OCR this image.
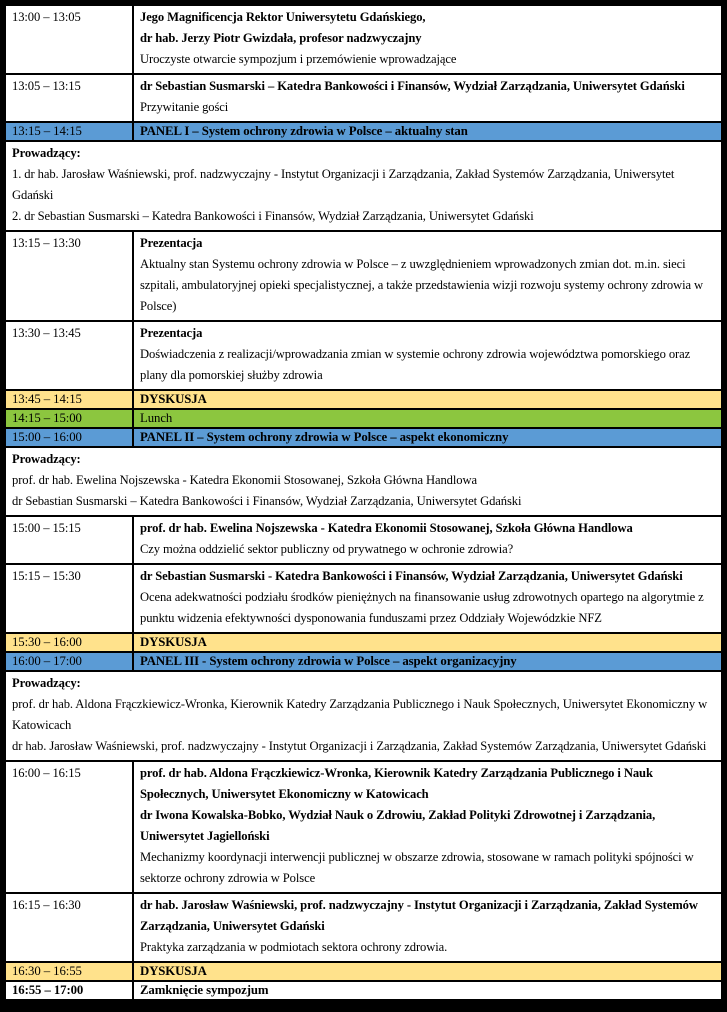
13:00 – 13:05	Jego Magnificencja Rektor Uniwersytetu Gdańskiego,
dr hab. Jerzy Piotr Gwizdała, profesor nadzwyczajny
Uroczyste otwarcie sympozjum i przemówienie wprowadzające

13:05 – 13:15	dr Sebastian Susmarski – Katedra Bankowości i Finansów, Wydział Zarządzania, Uniwersytet Gdański
Przywitanie gości

13:15 – 14:15	PANEL I – System ochrony zdrowia w Polsce – aktualny stan

Prowadzący:
1. dr hab. Jarosław Waśniewski, prof. nadzwyczajny - Instytut Organizacji i Zarządzania, Zakład Systemów Zarządzania, Uniwersytet Gdański
2. dr Sebastian Susmarski – Katedra Bankowości i Finansów, Wydział Zarządzania, Uniwersytet Gdański	

13:15 – 13:30	Prezentacja
Aktualny stan Systemu ochrony zdrowia w Polsce – z uwzględnieniem wprowadzonych zmian dot. m.in. sieci szpitali, ambulatoryjnej opieki specjalistycznej, a także przedstawienia wizji rozwoju systemy ochrony zdrowia w Polsce)

13:30 – 13:45	Prezentacja
Doświadczenia z realizacji/wprowadzania zmian w systemie ochrony zdrowia województwa pomorskiego oraz plany dla pomorskiej służby zdrowia

13:45 – 14:15	DYSKUSJA

14:15 – 15:00	Lunch

15:00 – 16:00	PANEL II – System ochrony zdrowia w Polsce – aspekt ekonomiczny

Prowadzący:
prof. dr hab. Ewelina Nojszewska - Katedra Ekonomii Stosowanej, Szkoła Główna Handlowa
dr Sebastian Susmarski – Katedra Bankowości i Finansów, Wydział Zarządzania, Uniwersytet Gdański	

15:00 – 15:15	prof. dr hab. Ewelina Nojszewska - Katedra Ekonomii Stosowanej, Szkoła Główna Handlowa
Czy można oddzielić sektor publiczny od prywatnego w ochronie zdrowia?

15:15 – 15:30	dr Sebastian Susmarski - Katedra Bankowości i Finansów, Wydział Zarządzania, Uniwersytet Gdański
Ocena adekwatności podziału środków pieniężnych na finansowanie usług zdrowotnych opartego na algorytmie z punktu widzenia efektywności dysponowania funduszami przez Oddziały Wojewódzkie NFZ

15:30 – 16:00	DYSKUSJA

16:00 – 17:00	PANEL III - System ochrony zdrowia w Polsce – aspekt organizacyjny

Prowadzący:
prof. dr hab. Aldona Frączkiewicz-Wronka, Kierownik Katedry Zarządzania Publicznego i Nauk Społecznych, Uniwersytet Ekonomiczny w Katowicach
dr hab. Jarosław Waśniewski, prof. nadzwyczajny - Instytut Organizacji i Zarządzania, Zakład Systemów Zarządzania, Uniwersytet Gdański	

16:00 – 16:15	prof. dr hab. Aldona Frączkiewicz-Wronka, Kierownik Katedry Zarządzania Publicznego i Nauk Społecznych, Uniwersytet Ekonomiczny w Katowicach
dr Iwona Kowalska-Bobko, Wydział Nauk o Zdrowiu, Zakład Polityki Zdrowotnej i Zarządzania, Uniwersytet Jagielloński
Mechanizmy koordynacji interwencji publicznej w obszarze zdrowia, stosowane w ramach polityki spójności w sektorze ochrony zdrowia w Polsce

16:15 – 16:30	dr hab. Jarosław Waśniewski, prof. nadzwyczajny - Instytut Organizacji i Zarządzania, Zakład Systemów Zarządzania, Uniwersytet Gdański
Praktyka zarządzania w podmiotach sektora ochrony zdrowia.

16:30 – 16:55	DYSKUSJA

16:55 – 17:00	Zamknięcie sympozjum
